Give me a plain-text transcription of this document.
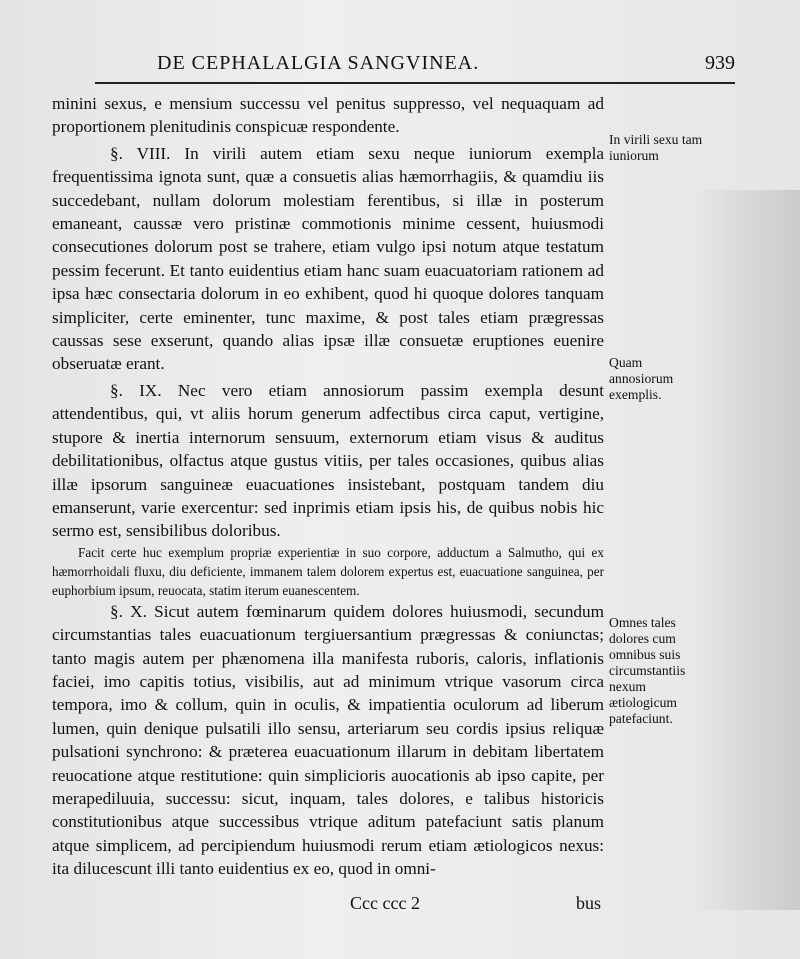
DE CEPHALALGIA SANGVINEA.	939

minini sexus, e mensium successu vel penitus suppresso, vel nequaquam ad proportionem plenitudinis conspicuæ respondente.

§. VIII. In virili autem etiam sexu neque iuniorum exempla frequentissima ignota sunt, quæ a consuetis alias hæmorrhagiis, & quamdiu iis succedebant, nullam dolorum molestiam ferentibus, si illæ in posterum emaneant, caussæ vero pristinæ commotionis minime cessent, huiusmodi consecutiones dolorum post se trahere, etiam vulgo ipsi notum atque testatum pessim fecerunt. Et tanto euidentius etiam hanc suam euacuatoriam rationem ad ipsa hæc consectaria dolorum in eo exhibent, quod hi quoque dolores tanquam simpliciter, certe eminenter, tunc maxime, & post tales etiam prægressas caussas sese exserunt, quando alias ipsæ illæ consuetæ eruptiones euenire obseruatæ erant.

§. IX. Nec vero etiam annosiorum passim exempla desunt attendentibus, qui, vt aliis horum generum adfectibus circa caput, vertigine, stupore & inertia internorum sensuum, externorum etiam visus & auditus debilitationibus, olfactus atque gustus vitiis, per tales occasiones, quibus alias illæ ipsorum sanguineæ euacuationes insistebant, postquam tandem diu emanserunt, varie exercentur: sed inprimis etiam ipsis his, de quibus nobis hic sermo est, sensibilibus doloribus.

Facit certe huc exemplum propriæ experientiæ in suo corpore, adductum a Salmutho, qui ex hæmorrhoidali fluxu, diu deficiente, immanem talem dolorem expertus est, euacuatione sanguinea, per euphorbium ipsum, reuocata, statim iterum euanescentem.

§. X. Sicut autem fœminarum quidem dolores huiusmodi, secundum circumstantias tales euacuationum tergiuersantium prægressas & coniunctas; tanto magis autem per phænomena illa manifesta ruboris, caloris, inflationis faciei, imo capitis totius, visibilis, aut ad minimum vtrique vasorum circa tempora, imo & collum, quin in oculis, & impatientia oculorum ad liberum lumen, quin denique pulsatili illo sensu, arteriarum seu cordis ipsius reliquæ pulsationi synchrono: & præterea euacuationum illarum in debitam libertatem reuocatione atque restitutione: quin simplicioris auocationis ab ipso capite, per merapediluuia, successu: sicut, inquam, tales dolores, e talibus historicis constitutionibus atque successibus vtrique aditum patefaciunt satis planum atque simplicem, ad percipiendum huiusmodi rerum etiam ætiologicos nexus: ita dilucescunt illi tanto euidentius ex eo, quod in omni-

In virili sexu tam iuniorum
Quam annosiorum exemplis.
Omnes tales dolores cum omnibus suis circumstantiis nexum ætiologicum patefaciunt.
Ccc ccc 2	bus
